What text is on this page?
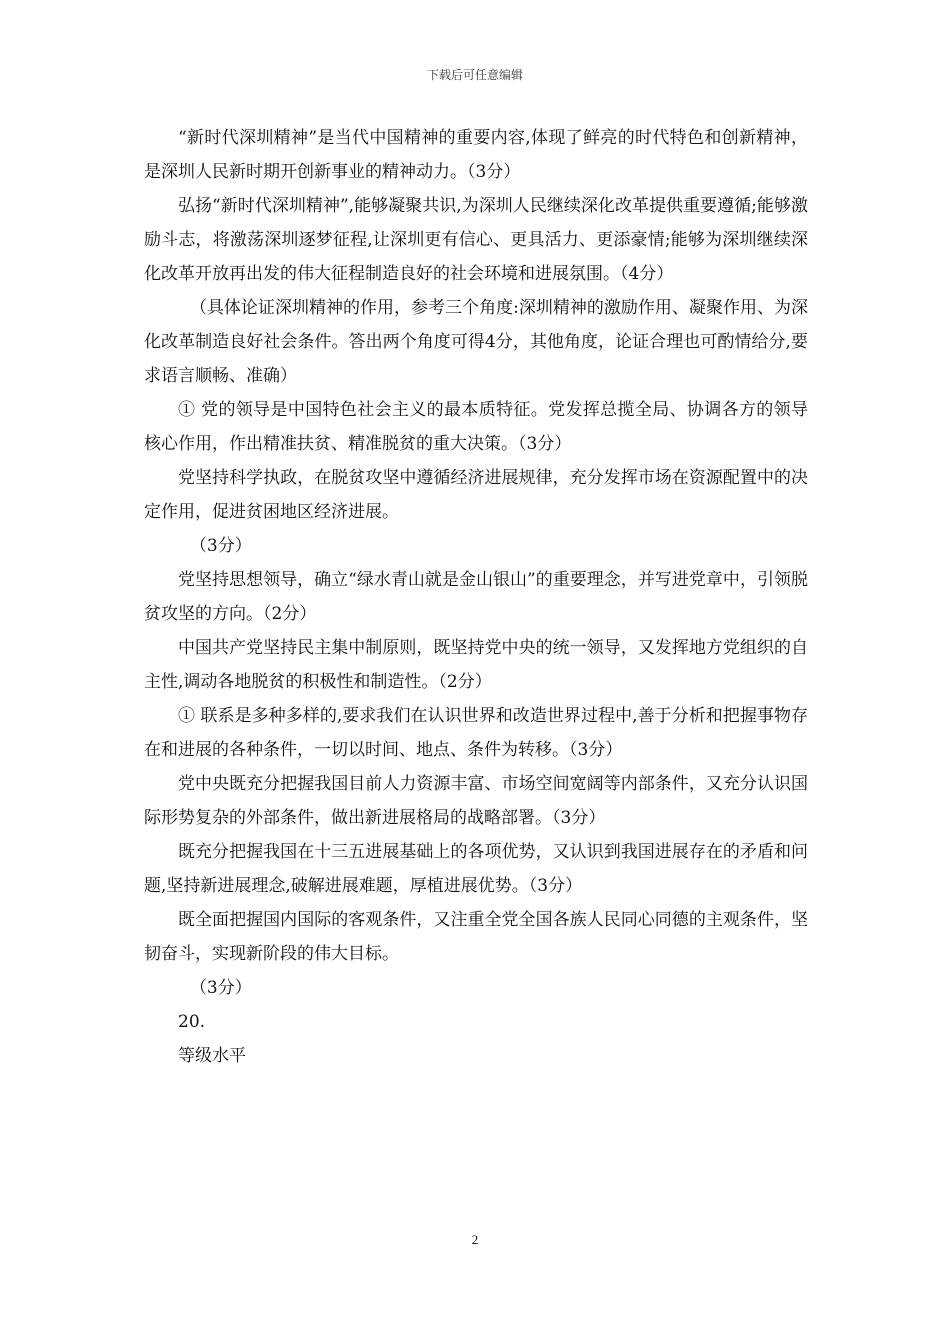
下载后可任意编辑

“新时代深圳精神”是当代中国精神的重要内容,体现了鲜亮的时代特色和创新精神，是深圳人民新时期开创新事业的精神动力。（3分）

弘扬“新时代深圳精神”,能够凝聚共识,为深圳人民继续深化改革提供重要遵循;能够激励斗志，将激荡深圳逐梦征程,让深圳更有信心、更具活力、更添豪情;能够为深圳继续深化改革开放再出发的伟大征程制造良好的社会环境和进展氛围。（4分）

（具体论证深圳精神的作用，参考三个角度:深圳精神的激励作用、凝聚作用、为深化改革制造良好社会条件。答出两个角度可得4分，其他角度，论证合理也可酌情给分,要求语言顺畅、准确）

① 党的领导是中国特色社会主义的最本质特征。党发挥总揽全局、协调各方的领导核心作用，作出精准扶贫、精准脱贫的重大决策。（3分）

党坚持科学执政，在脱贫攻坚中遵循经济进展规律，充分发挥市场在资源配置中的决定作用，促进贫困地区经济进展。

（3分）

党坚持思想领导，确立“绿水青山就是金山银山”的重要理念，并写进党章中，引领脱贫攻坚的方向。（2分）

中国共产党坚持民主集中制原则，既坚持党中央的统一领导，又发挥地方党组织的自主性,调动各地脱贫的积极性和制造性。（2分）

① 联系是多种多样的,要求我们在认识世界和改造世界过程中,善于分析和把握事物存在和进展的各种条件，一切以时间、地点、条件为转移。（3分）

党中央既充分把握我国目前人力资源丰富、市场空间宽阔等内部条件，又充分认识国际形势复杂的外部条件，做出新进展格局的战略部署。（3分）

既充分把握我国在十三五进展基础上的各项优势，又认识到我国进展存在的矛盾和问题,坚持新进展理念,破解进展难题，厚植进展优势。（3分）

既全面把握国内国际的客观条件，又注重全党全国各族人民同心同德的主观条件，坚韧奋斗，实现新阶段的伟大目标。

（3分）

20.

等级水平

2
